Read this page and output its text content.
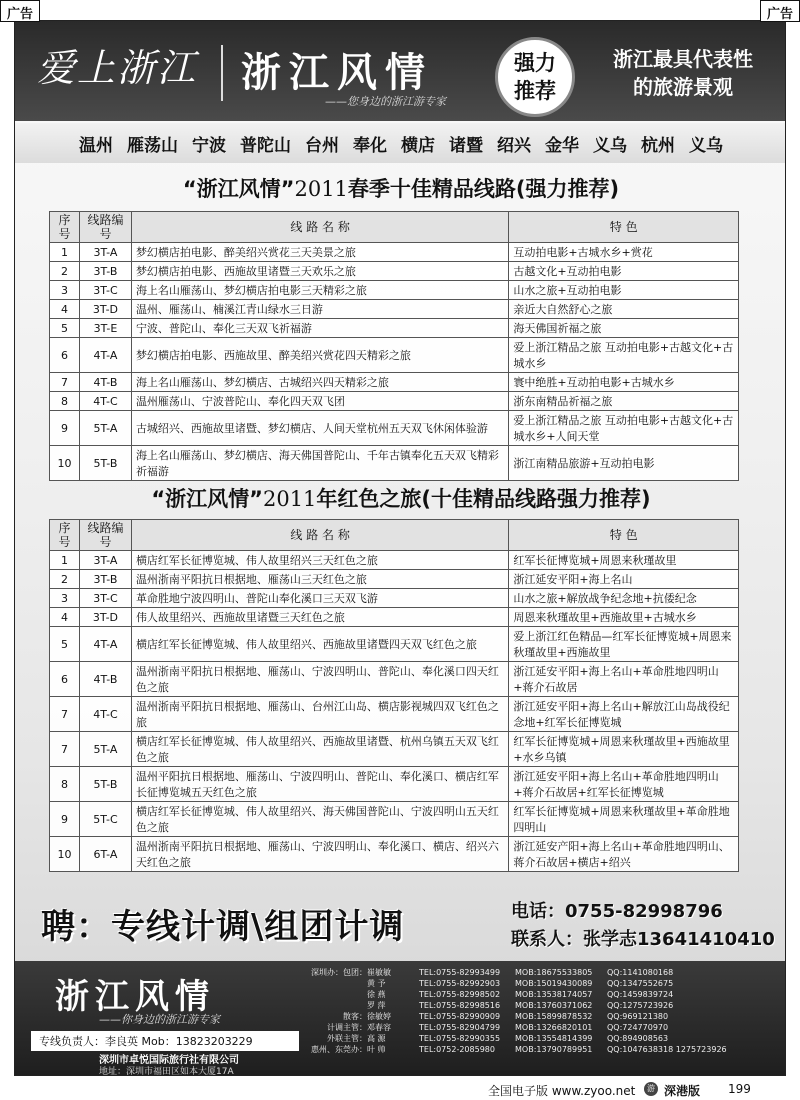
广告	广告
爱上浙江 浙江风情
——您身边的浙江游专家
强力推荐
浙江最具代表性
的旅游景观
温州 雁荡山 宁波 普陀山 台州 奉化 横店 诸暨 绍兴 金华 义乌 杭州 义乌
“浙江风情”2011春季十佳精品线路(强力推荐)
序号	线路编号	线 路 名 称	特 色
1	3T-A	梦幻横店拍电影、醉美绍兴赏花三天美景之旅	互动拍电影+古城水乡+赏花
2	3T-B	梦幻横店拍电影、西施故里诸暨三天欢乐之旅	古越文化+互动拍电影
3	3T-C	海上名山雁荡山、梦幻横店拍电影三天精彩之旅	山水之旅+互动拍电影
4	3T-D	温州、雁荡山、楠溪江青山绿水三日游	亲近大自然舒心之旅
5	3T-E	宁波、普陀山、奉化三天双飞祈福游	海天佛国祈福之旅
6	4T-A	梦幻横店拍电影、西施故里、醉美绍兴赏花四天精彩之旅	爱上浙江精品之旅 互动拍电影+古越文化+古城水乡
7	4T-B	海上名山雁荡山、梦幻横店、古城绍兴四天精彩之旅	寰中绝胜+互动拍电影+古城水乡
8	4T-C	温州雁荡山、宁波普陀山、奉化四天双飞团	浙东南精品祈福之旅
9	5T-A	古城绍兴、西施故里诸暨、梦幻横店、人间天堂杭州五天双飞休闲体验游	爱上浙江精品之旅 互动拍电影+古越文化+古城水乡+人间天堂
10	5T-B	海上名山雁荡山、梦幻横店、海天佛国普陀山、千年古镇奉化五天双飞精彩祈福游	浙江南精品旅游+互动拍电影
“浙江风情”2011年红色之旅(十佳精品线路强力推荐)
序号	线路编号	线 路 名 称	特 色
1	3T-A	横店红军长征博览城、伟人故里绍兴三天红色之旅	红军长征博览城+周恩来秋瑾故里
2	3T-B	温州浙南平阳抗日根据地、雁荡山三天红色之旅	浙江延安平阳+海上名山
3	3T-C	革命胜地宁波四明山、普陀山奉化溪口三天双飞游	山水之旅+解放战争纪念地+抗倭纪念
4	3T-D	伟人故里绍兴、西施故里诸暨三天红色之旅	周恩来秋瑾故里+西施故里+古城水乡
5	4T-A	横店红军长征博览城、伟人故里绍兴、西施故里诸暨四天双飞红色之旅	爱上浙江红色精品—红军长征博览城+周恩来秋瑾故里+西施故里
6	4T-B	温州浙南平阳抗日根据地、雁荡山、宁波四明山、普陀山、奉化溪口四天红色之旅	浙江延安平阳+海上名山+革命胜地四明山+蒋介石故居
7	4T-C	温州浙南平阳抗日根据地、雁荡山、台州江山岛、横店影视城四双飞红色之旅	浙江延安平阳+海上名山+解放江山岛战役纪念地+红军长征博览城
7	5T-A	横店红军长征博览城、伟人故里绍兴、西施故里诸暨、杭州乌镇五天双飞红色之旅	红军长征博览城+周恩来秋瑾故里+西施故里+水乡乌镇
8	5T-B	温州平阳抗日根据地、雁荡山、宁波四明山、普陀山、奉化溪口、横店红军长征博览城五天红色之旅	浙江延安平阳+海上名山+革命胜地四明山+蒋介石故居+红军长征博览城
9	5T-C	横店红军长征博览城、伟人故里绍兴、海天佛国普陀山、宁波四明山五天红色之旅	红军长征博览城+周恩来秋瑾故里+革命胜地四明山
10	6T-A	温州浙南平阳抗日根据地、雁荡山、宁波四明山、奉化溪口、横店、绍兴六天红色之旅	浙江延安产阳+海上名山+革命胜地四明山、蒋介石故居+横店+绍兴
聘：专线计调\组团计调	电话：0755-82998796
联系人：张学志13641410410
浙江风情
——你身边的浙江游专家
专线负责人：李良英 Mob：13823203229
深圳市卓悦国际旅行社有限公司
地址：深圳市福田区如本大厦17A
深圳办：包团： 崔敏敏	TEL:0755-82993499	MOB:18675533805	QQ:1141080168
黄 予	TEL:0755-82992903	MOB:15019430089	QQ:1347552675
徐 燕	TEL:0755-82998502	MOB:13538174057	QQ:1459839724
罗 萍	TEL:0755-82998516	MOB:13760371062	QQ:1275723926
散客： 徐敏婷	TEL:0755-82990909	MOB:15899878532	QQ:969121380
计调主管： 邓春容	TEL:0755-82904799	MOB:13266820101	QQ:724770970
外联主管： 高 源	TEL:0755-82990355	MOB:13554814399	QQ:894908563
惠州、东莞办： 叶 帅	TEL:0752-2085980	MOB:13790789951	QQ:1047638318 1275723926
全国电子版 www.zyoo.net	游 深港版 199
